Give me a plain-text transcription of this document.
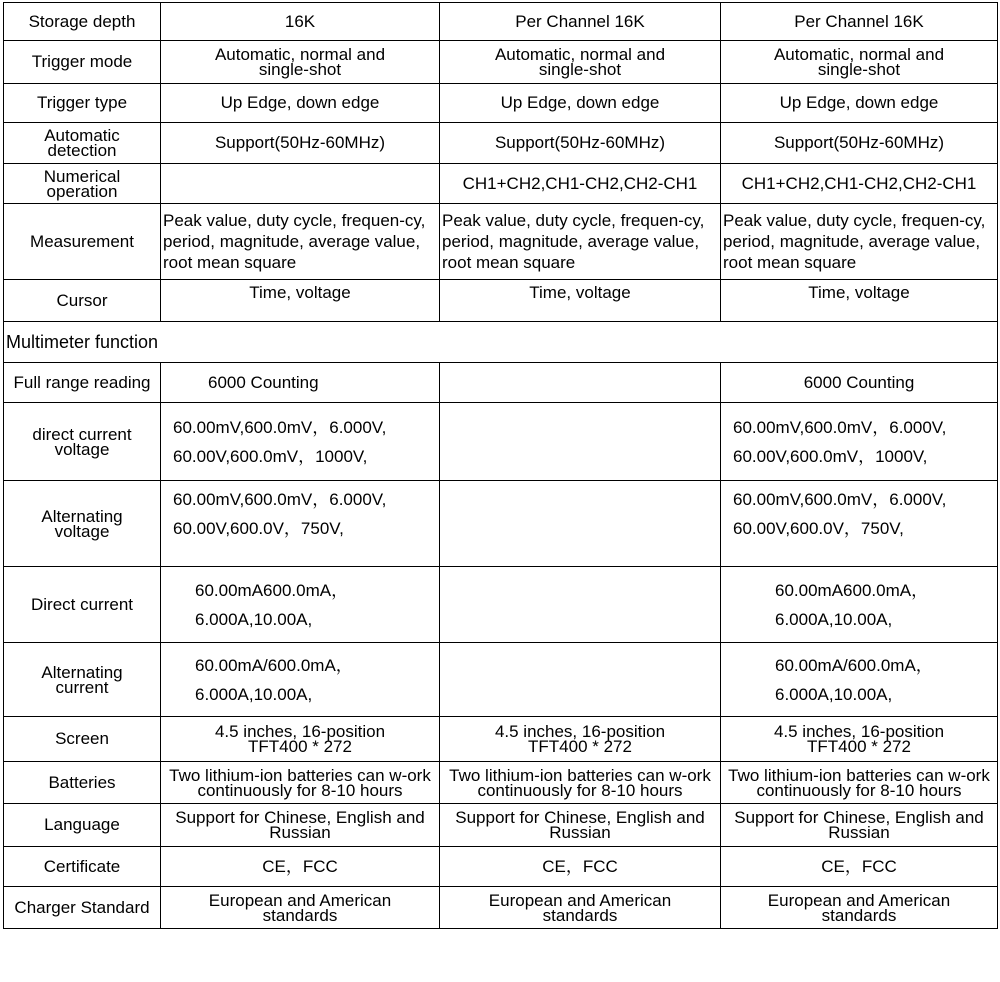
Storage depth	16K	Per Channel 16K	Per Channel 16K
Trigger mode	Automatic, normal and single-shot	Automatic, normal and single-shot	Automatic, normal and single-shot
Trigger type	Up Edge, down edge	Up Edge, down edge	Up Edge, down edge
Automatic detection	Support(50Hz-60MHz)	Support(50Hz-60MHz)	Support(50Hz-60MHz)
Numerical operation		CH1+CH2,CH1-CH2,CH2-CH1	CH1+CH2,CH1-CH2,CH2-CH1
Measurement	Peak value, duty cycle, frequen-cy, period, magnitude, average value, root mean square	Peak value, duty cycle, frequen-cy, period, magnitude, average value, root mean square	Peak value, duty cycle, frequen-cy, period, magnitude, average value, root mean square
Cursor	Time, voltage	Time, voltage	Time, voltage
Multimeter function			
Full range reading	6000 Counting		6000 Counting
direct current voltage	60.00mV,600.0mV，6.000V, 60.00V,600.0mV，1000V,		60.00mV,600.0mV，6.000V, 60.00V,600.0mV，1000V,
Alternating voltage	60.00mV,600.0mV，6.000V, 60.00V,600.0V，750V,		60.00mV,600.0mV，6.000V, 60.00V,600.0V，750V,
Direct current	60.00mA600.0mA，6.000A,10.00A,		60.00mA600.0mA，6.000A,10.00A,
Alternating current	60.00mA/600.0mA，6.000A,10.00A,		60.00mA/600.0mA，6.000A,10.00A,
Screen	4.5 inches, 16-position TFT400 * 272	4.5 inches, 16-position TFT400 * 272	4.5 inches, 16-position TFT400 * 272
Batteries	Two lithium-ion batteries can w-ork continuously for 8-10 hours	Two lithium-ion batteries can w-ork continuously for 8-10 hours	Two lithium-ion batteries can w-ork continuously for 8-10 hours
Language	Support for Chinese, English and Russian	Support for Chinese, English and Russian	Support for Chinese, English and Russian
Certificate	CE，FCC	CE，FCC	CE，FCC
Charger Standard	European and American standards	European and American standards	European and American standards
